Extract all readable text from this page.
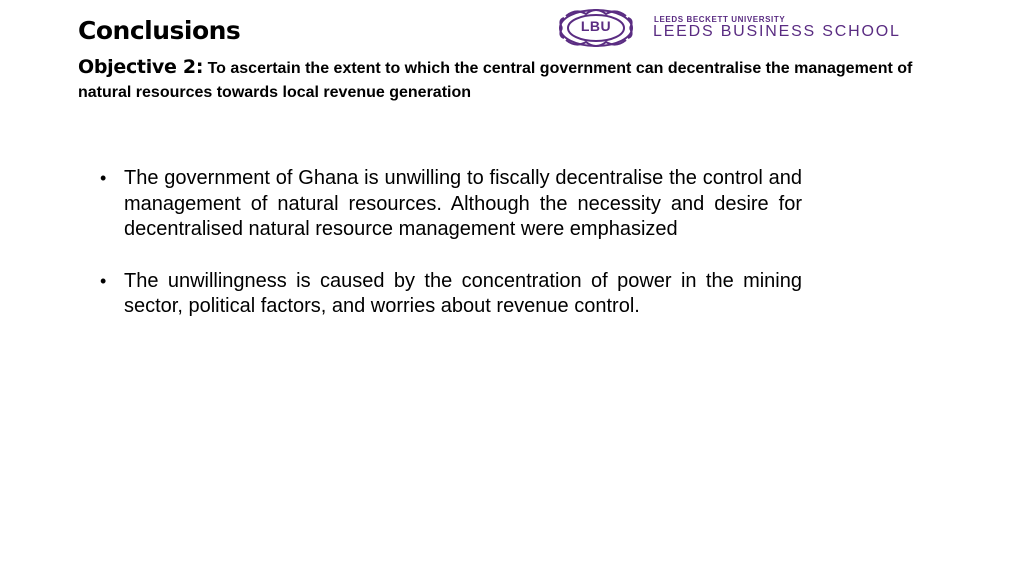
Conclusions

Objective 2: To ascertain the extent to which the central government can decentralise the management of natural resources towards local revenue generation

LBU	LEEDS BECKETT UNIVERSITY
LEEDS BUSINESS SCHOOL
• The government of Ghana is unwilling to fiscally decentralise the control and management of natural resources. Although the necessity and desire for decentralised natural resource management were emphasized
• The unwillingness is caused by the concentration of power in the mining sector, political factors, and worries about revenue control.
